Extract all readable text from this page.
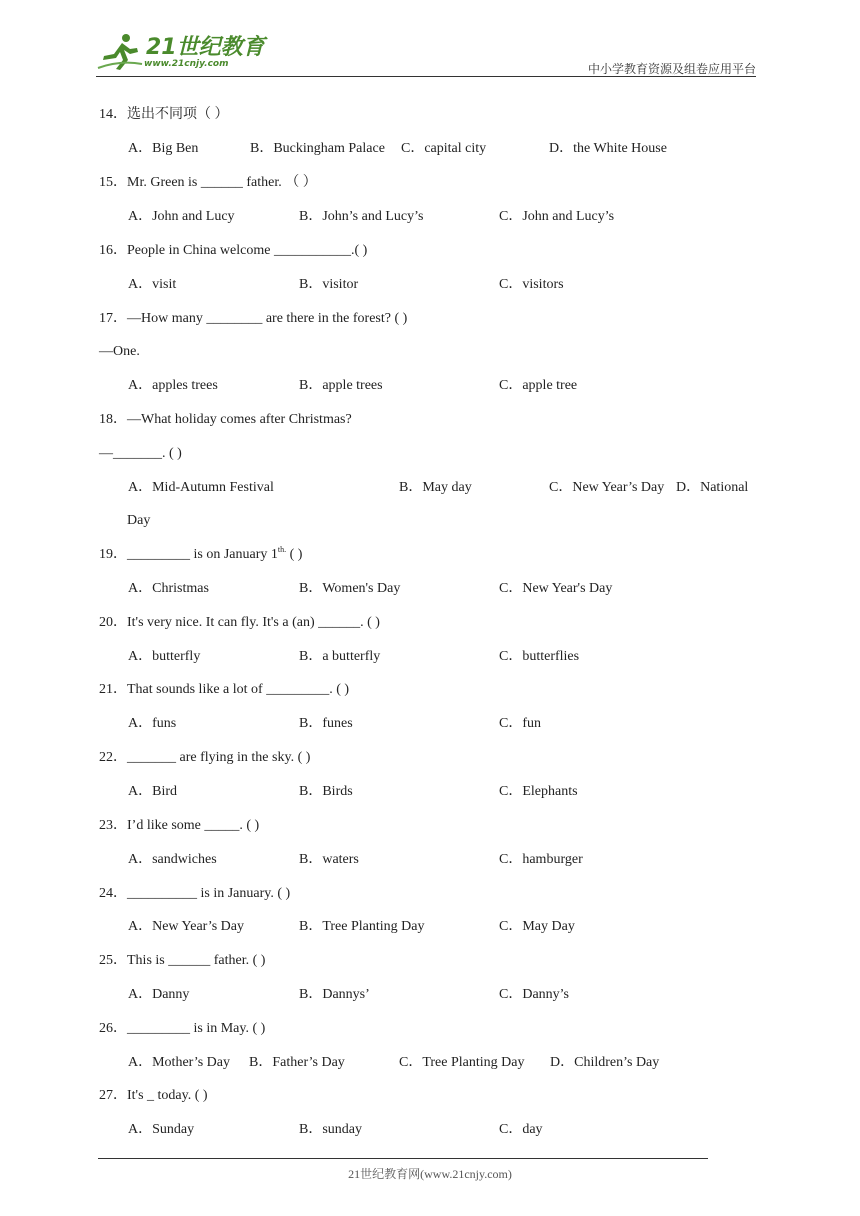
21世纪教育
www.21cnjy.com	中小学教育资源及组卷应用平台
14．选出不同项（ ）
A．Big Ben	B．Buckingham Palace C．capital city	D．the White House
15．Mr. Green is ______ father. （ ）
A．John and Lucy	B．John’s and Lucy’s	C．John and Lucy’s
16．People in China welcome ___________.( )
A．visit	B．visitor	C．visitors
17．—How many ________ are there in the forest? ( )
—One.
A．apples trees	B．apple trees	C．apple tree
18．—What holiday comes after Christmas?
—_______. ( )
A．Mid-Autumn Festival	B．May day	C．New Year’s Day D．National
Day
19．_________ is on January $1^{th.}$ ( )
A．Christmas	B．Women's Day	C．New Year's Day
20．It's very nice. It can fly. It's a (an) ______. ( )
A．butterfly	B．a butterfly	C．butterflies
21．That sounds like a lot of _________. ( )
A．funs	B．funes	C．fun
22．_______ are flying in the sky. ( )
A．Bird	B．Birds	C．Elephants
23．I’d like some _____. ( )
A．sandwiches	B．waters	C．hamburger
24．__________ is in January. ( )
A．New Year’s Day	B．Tree Planting Day	C．May Day
25．This is ______ father. ( )
A．Danny	B．Dannys’	C．Danny’s
26．_________ is in May. ( )
A．Mother’s Day B．Father’s Day	C．Tree Planting Day D．Children’s Day
27．It's _ today. ( )
A．Sunday	B．sunday	C．day
21世纪教育网(www.21cnjy.com)
